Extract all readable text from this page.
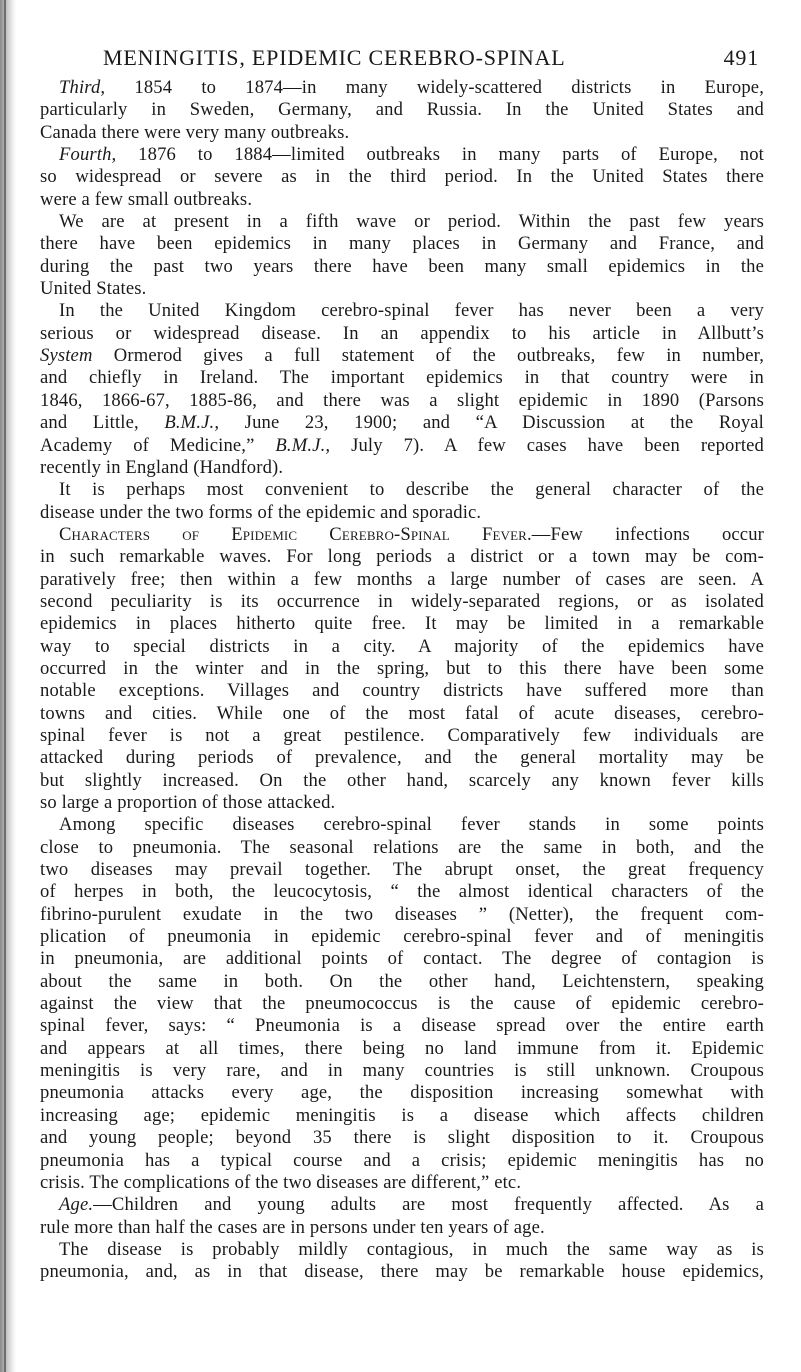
MENINGITIS, EPIDEMIC CEREBRO-SPINAL	491
Third, 1854 to 1874—in many widely-scattered districts in Europe,
particularly in Sweden, Germany, and Russia. In the United States and
Canada there were very many outbreaks.
Fourth, 1876 to 1884—limited outbreaks in many parts of Europe, not
so widespread or severe as in the third period. In the United States there
were a few small outbreaks.
We are at present in a fifth wave or period. Within the past few years
there have been epidemics in many places in Germany and France, and
during the past two years there have been many small epidemics in the
United States.
In the United Kingdom cerebro-spinal fever has never been a very
serious or widespread disease. In an appendix to his article in Allbutt’s
System Ormerod gives a full statement of the outbreaks, few in number,
and chiefly in Ireland. The important epidemics in that country were in
1846, 1866-67, 1885-86, and there was a slight epidemic in 1890 (Parsons
and Little, B.M.J., June 23, 1900; and “A Discussion at the Royal
Academy of Medicine,” B.M.J., July 7). A few cases have been reported
recently in England (Handford).
It is perhaps most convenient to describe the general character of the
disease under the two forms of the epidemic and sporadic.
Characters of Epidemic Cerebro-Spinal Fever.—Few infections occur
in such remarkable waves. For long periods a district or a town may be com-
paratively free; then within a few months a large number of cases are seen. A
second peculiarity is its occurrence in widely-separated regions, or as isolated
epidemics in places hitherto quite free. It may be limited in a remarkable
way to special districts in a city. A majority of the epidemics have
occurred in the winter and in the spring, but to this there have been some
notable exceptions. Villages and country districts have suffered more than
towns and cities. While one of the most fatal of acute diseases, cerebro-
spinal fever is not a great pestilence. Comparatively few individuals are
attacked during periods of prevalence, and the general mortality may be
but slightly increased. On the other hand, scarcely any known fever kills
so large a proportion of those attacked.
Among specific diseases cerebro-spinal fever stands in some points
close to pneumonia. The seasonal relations are the same in both, and the
two diseases may prevail together. The abrupt onset, the great frequency
of herpes in both, the leucocytosis, “ the almost identical characters of the
fibrino-purulent exudate in the two diseases ” (Netter), the frequent com-
plication of pneumonia in epidemic cerebro-spinal fever and of meningitis
in pneumonia, are additional points of contact. The degree of contagion is
about the same in both. On the other hand, Leichtenstern, speaking
against the view that the pneumococcus is the cause of epidemic cerebro-
spinal fever, says: “ Pneumonia is a disease spread over the entire earth
and appears at all times, there being no land immune from it. Epidemic
meningitis is very rare, and in many countries is still unknown. Croupous
pneumonia attacks every age, the disposition increasing somewhat with
increasing age; epidemic meningitis is a disease which affects children
and young people; beyond 35 there is slight disposition to it. Croupous
pneumonia has a typical course and a crisis; epidemic meningitis has no
crisis. The complications of the two diseases are different,” etc.
Age.—Children and young adults are most frequently affected. As a
rule more than half the cases are in persons under ten years of age.
The disease is probably mildly contagious, in much the same way as is
pneumonia, and, as in that disease, there may be remarkable house epidemics,
